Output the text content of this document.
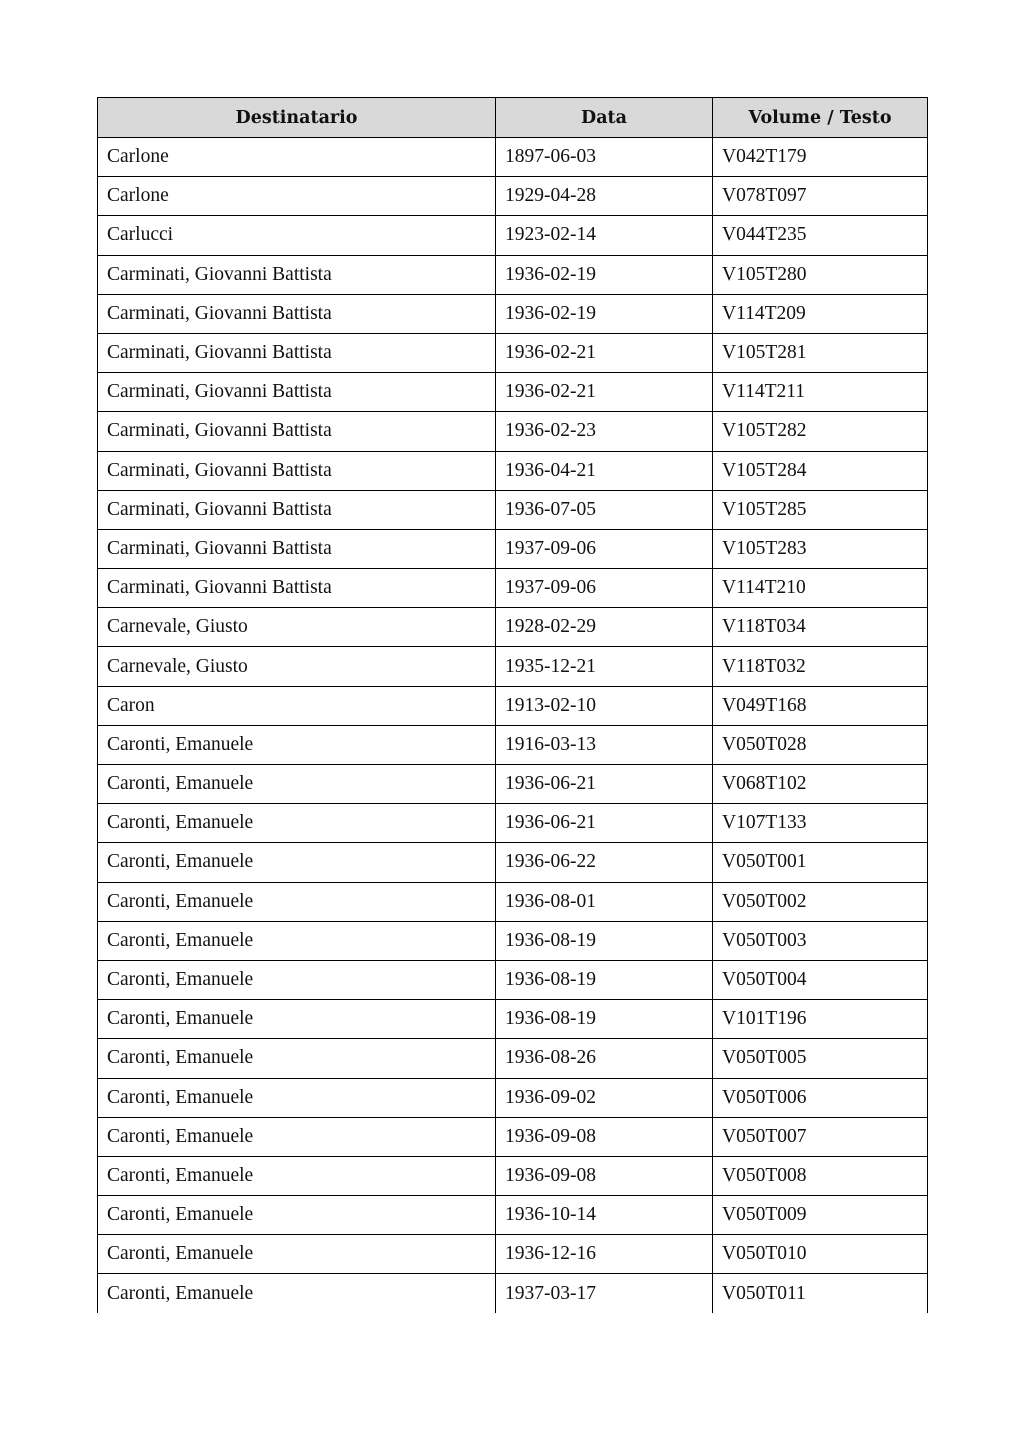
Destinatario	Data	Volume / Testo
Carlone	1897-06-03	V042T179
Carlone	1929-04-28	V078T097
Carlucci	1923-02-14	V044T235
Carminati, Giovanni Battista	1936-02-19	V105T280
Carminati, Giovanni Battista	1936-02-19	V114T209
Carminati, Giovanni Battista	1936-02-21	V105T281
Carminati, Giovanni Battista	1936-02-21	V114T211
Carminati, Giovanni Battista	1936-02-23	V105T282
Carminati, Giovanni Battista	1936-04-21	V105T284
Carminati, Giovanni Battista	1936-07-05	V105T285
Carminati, Giovanni Battista	1937-09-06	V105T283
Carminati, Giovanni Battista	1937-09-06	V114T210
Carnevale, Giusto	1928-02-29	V118T034
Carnevale, Giusto	1935-12-21	V118T032
Caron	1913-02-10	V049T168
Caronti, Emanuele	1916-03-13	V050T028
Caronti, Emanuele	1936-06-21	V068T102
Caronti, Emanuele	1936-06-21	V107T133
Caronti, Emanuele	1936-06-22	V050T001
Caronti, Emanuele	1936-08-01	V050T002
Caronti, Emanuele	1936-08-19	V050T003
Caronti, Emanuele	1936-08-19	V050T004
Caronti, Emanuele	1936-08-19	V101T196
Caronti, Emanuele	1936-08-26	V050T005
Caronti, Emanuele	1936-09-02	V050T006
Caronti, Emanuele	1936-09-08	V050T007
Caronti, Emanuele	1936-09-08	V050T008
Caronti, Emanuele	1936-10-14	V050T009
Caronti, Emanuele	1936-12-16	V050T010
Caronti, Emanuele	1937-03-17	V050T011
